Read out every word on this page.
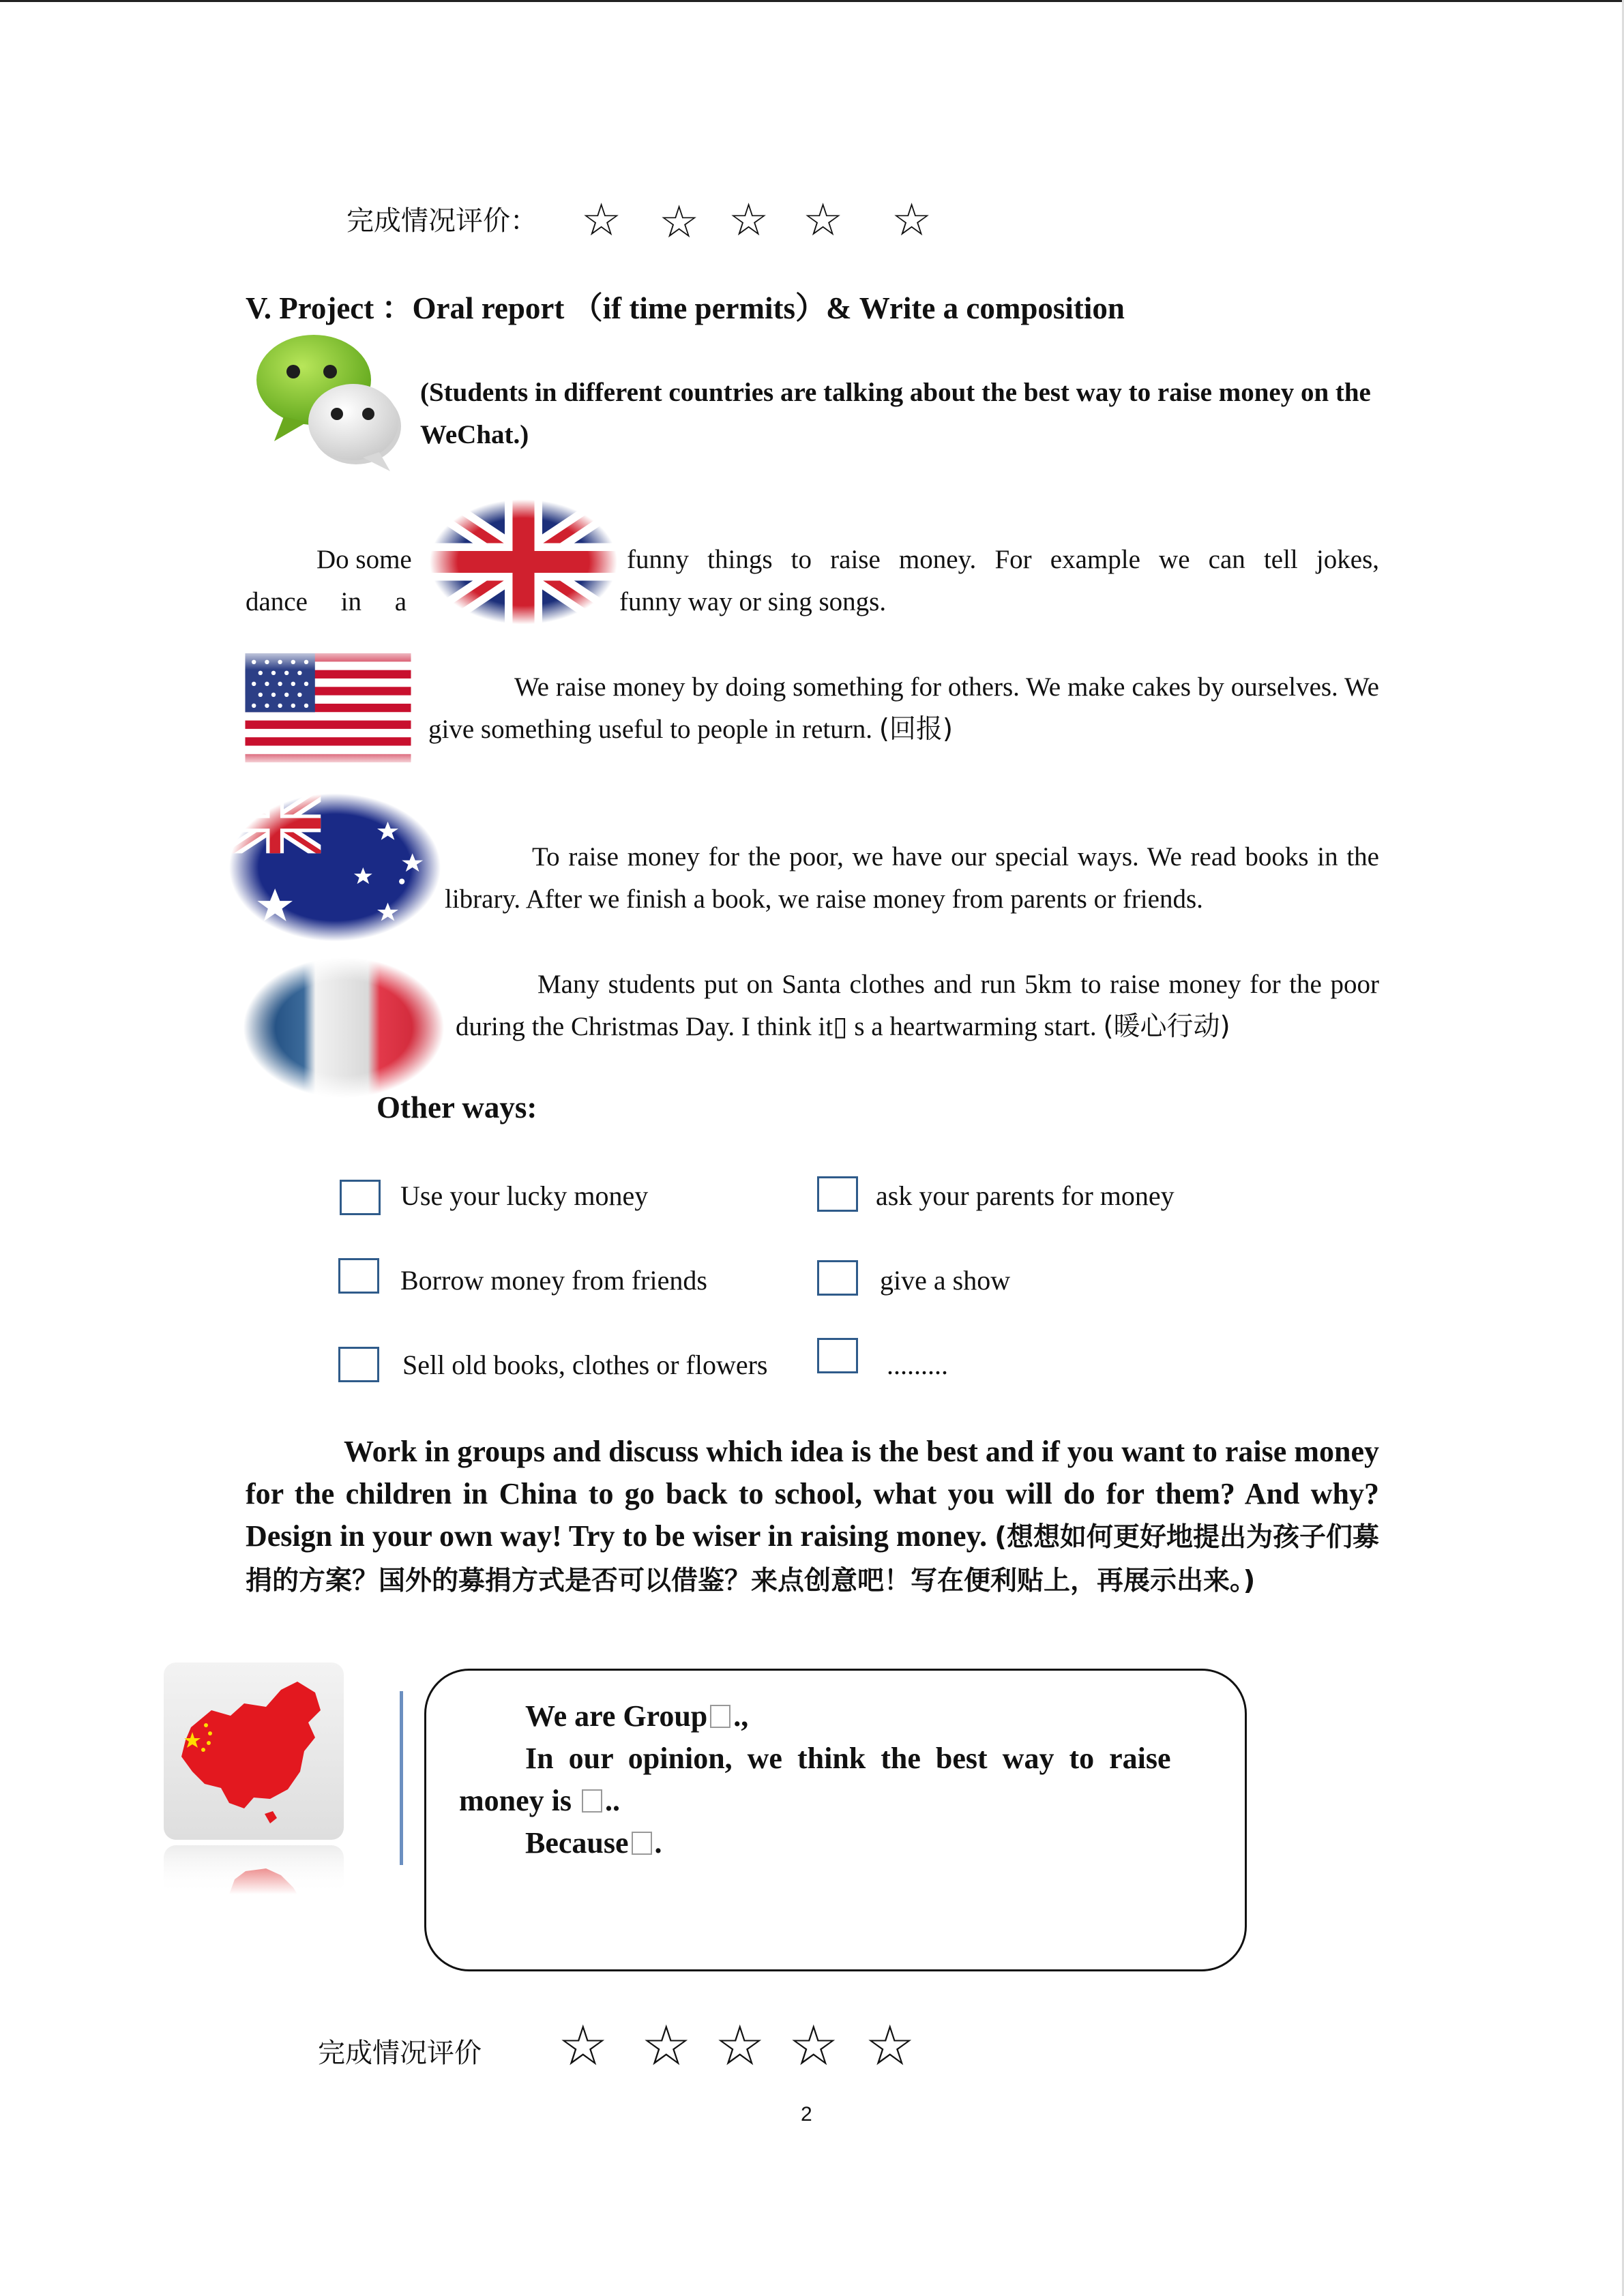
完成情况评价： ☆ ☆ ☆ ☆ ☆
V. Project ：Oral report （if time permits）& Write a composition
(Students in different countries are talking about the best way to raise money on the WeChat.)
Do some	funny things to raise money. For example we can tell jokes,
dance     in     a	funny way or sing songs.
We raise money by doing something for others. We make cakes by ourselves. We give something useful to people in return. (回报)
To raise money for the poor, we have our special ways. We read books in the library. After we finish a book, we raise money from parents or friends.
Many students put on Santa clothes and run 5km to raise money for the poor during the Christmas Day. I think it▯ s a heartwarming start. (暖心行动)
Other ways:
Use your lucky money	ask your parents for money
Borrow money from friends	give a show
Sell old books, clothes or flowers	.........
Work in groups and discuss which idea is the best and if you want to raise money for the children in China to go back to school, what you will do for them? And why? Design in your own way! Try to be wiser in raising money. (想想如何更好地提出为孩子们募捐的方案？国外的募捐方式是否可以借鉴？来点创意吧！写在便利贴上，再展示出来。)
We are Group .,
In  our  opinion,  we  think  the  best  way  to  raise
money is ..
Because .
完成情况评价 ☆ ☆ ☆ ☆ ☆
2
